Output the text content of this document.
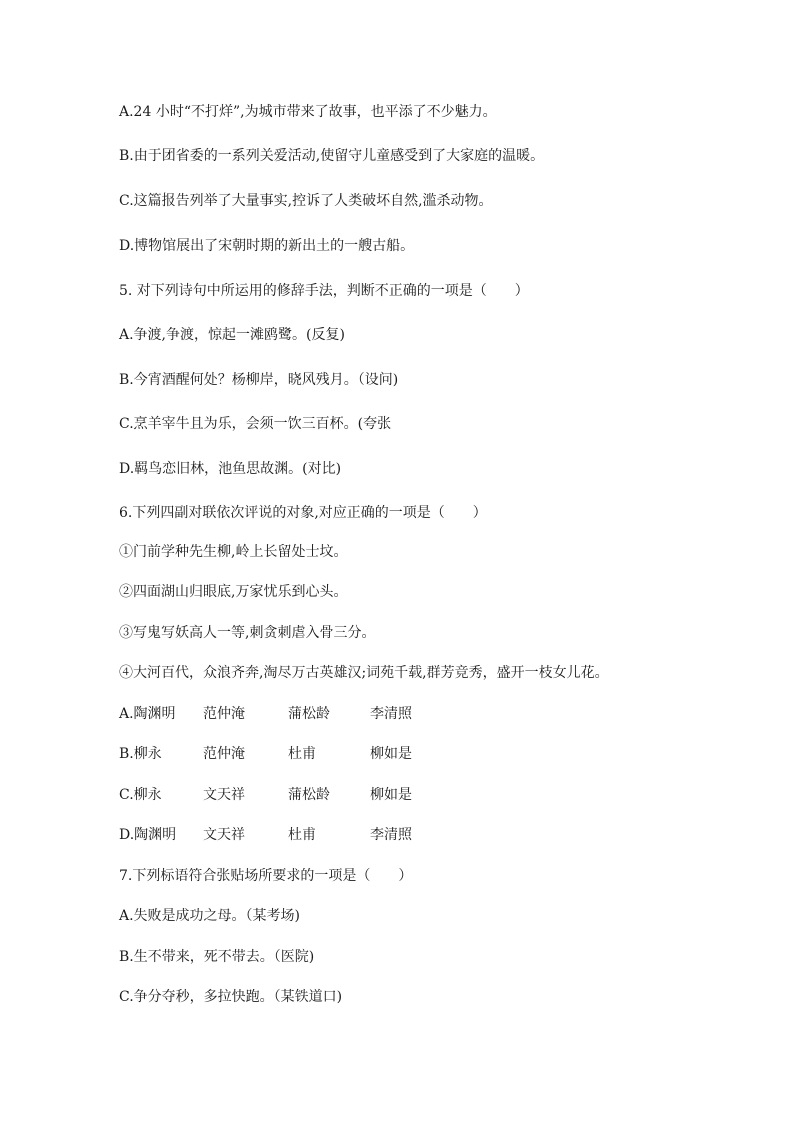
A.24 小时“不打烊”,为城市带来了故事，也平添了不少魅力。
B.由于团省委的一系列关爱活动,使留守儿童感受到了大家庭的温暖。
C.这篇报告列举了大量事实,控诉了人类破坏自然,滥杀动物。
D.博物馆展出了宋朝时期的新出土的一艘古船。
5. 对下列诗句中所运用的修辞手法，判断不正确的一项是（　　）
A.争渡,争渡，惊起一滩鸥鹭。(反复)
B.今宵酒醒何处？杨柳岸，晓风残月。（设问)
C.烹羊宰牛且为乐，会须一饮三百杯。(夸张
D.羁鸟恋旧林，池鱼思故渊。(对比)
6.下列四副对联依次评说的对象,对应正确的一项是（　　）
①门前学种先生柳,岭上长留处士坟。
②四面湖山归眼底,万家忧乐到心头。
③写鬼写妖高人一等,刺贪刺虐入骨三分。
④大河百代，众浪齐奔,淘尽万古英雄汉;词苑千载,群芳竞秀，盛开一枝女儿花。
A.陶渊明 范仲淹	蒲松龄	李清照
B.柳永	范仲淹	杜甫	柳如是
C.柳永	文天祥	蒲松龄	柳如是
D.陶渊明 文天祥	杜甫	李清照
7.下列标语符合张贴场所要求的一项是（　　）
A.失败是成功之母。（某考场)
B.生不带来，死不带去。（医院)
C.争分夺秒，多拉快跑。（某铁道口)
